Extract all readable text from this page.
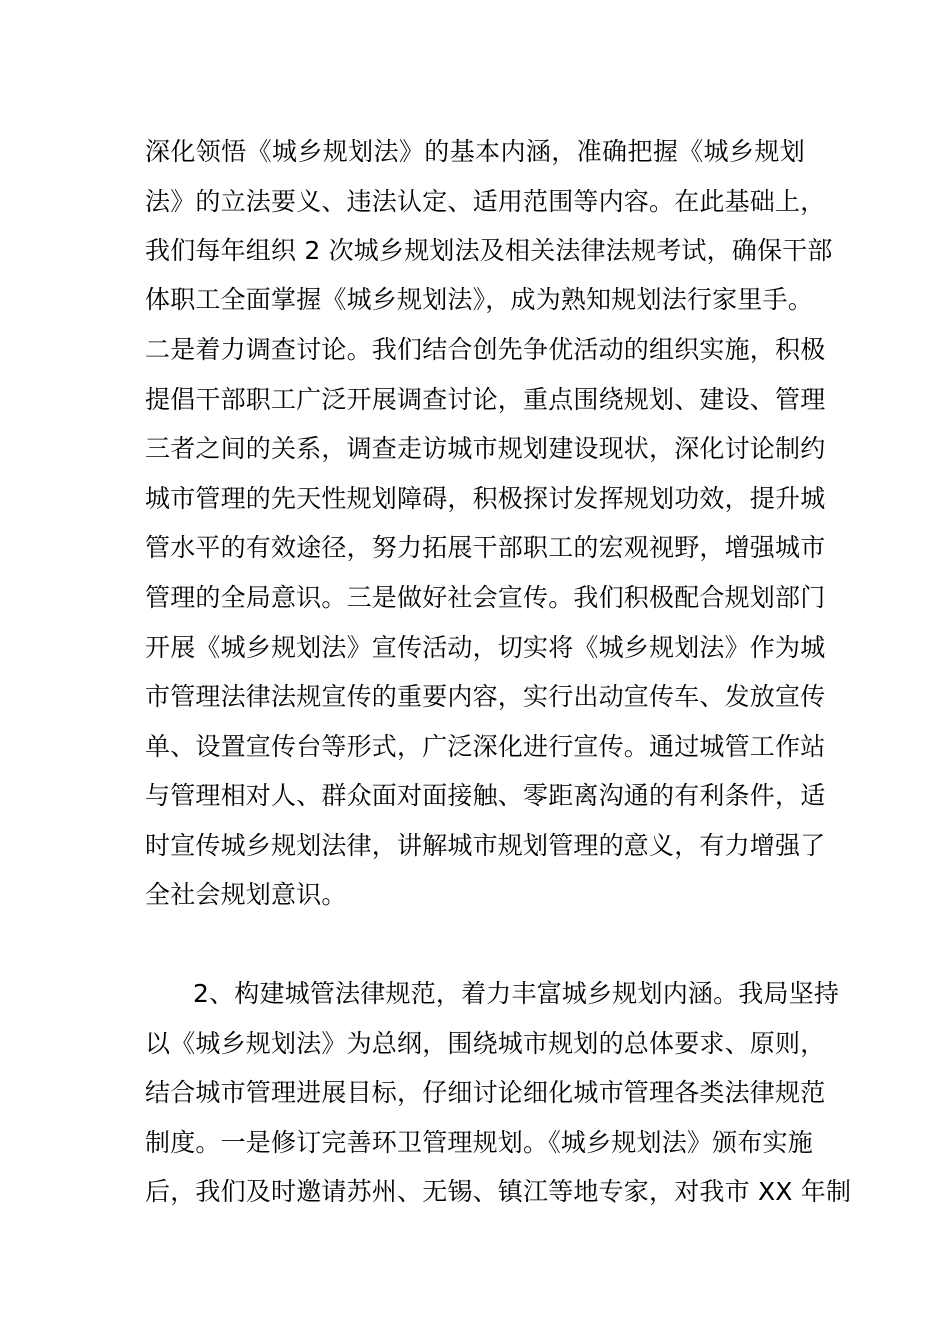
深化领悟《城乡规划法》的基本内涵，准确把握《城乡规划
法》的立法要义、违法认定、适用范围等内容。在此基础上，
我们每年组织 2 次城乡规划法及相关法律法规考试，确保干部
体职工全面掌握《城乡规划法》，成为熟知规划法行家里手。
二是着力调查讨论。我们结合创先争优活动的组织实施，积极
提倡干部职工广泛开展调查讨论，重点围绕规划、建设、管理
三者之间的关系，调查走访城市规划建设现状，深化讨论制约
城市管理的先天性规划障碍，积极探讨发挥规划功效，提升城
管水平的有效途径，努力拓展干部职工的宏观视野，增强城市
管理的全局意识。三是做好社会宣传。我们积极配合规划部门
开展《城乡规划法》宣传活动，切实将《城乡规划法》作为城
市管理法律法规宣传的重要内容，实行出动宣传车、发放宣传
单、设置宣传台等形式，广泛深化进行宣传。通过城管工作站
与管理相对人、群众面对面接触、零距离沟通的有利条件，适
时宣传城乡规划法律，讲解城市规划管理的意义，有力增强了
全社会规划意识。
2、构建城管法律规范，着力丰富城乡规划内涵。我局坚持
以《城乡规划法》为总纲，围绕城市规划的总体要求、原则，
结合城市管理进展目标，仔细讨论细化城市管理各类法律规范
制度。一是修订完善环卫管理规划。《城乡规划法》颁布实施
后，我们及时邀请苏州、无锡、镇江等地专家，对我市 XX 年制
